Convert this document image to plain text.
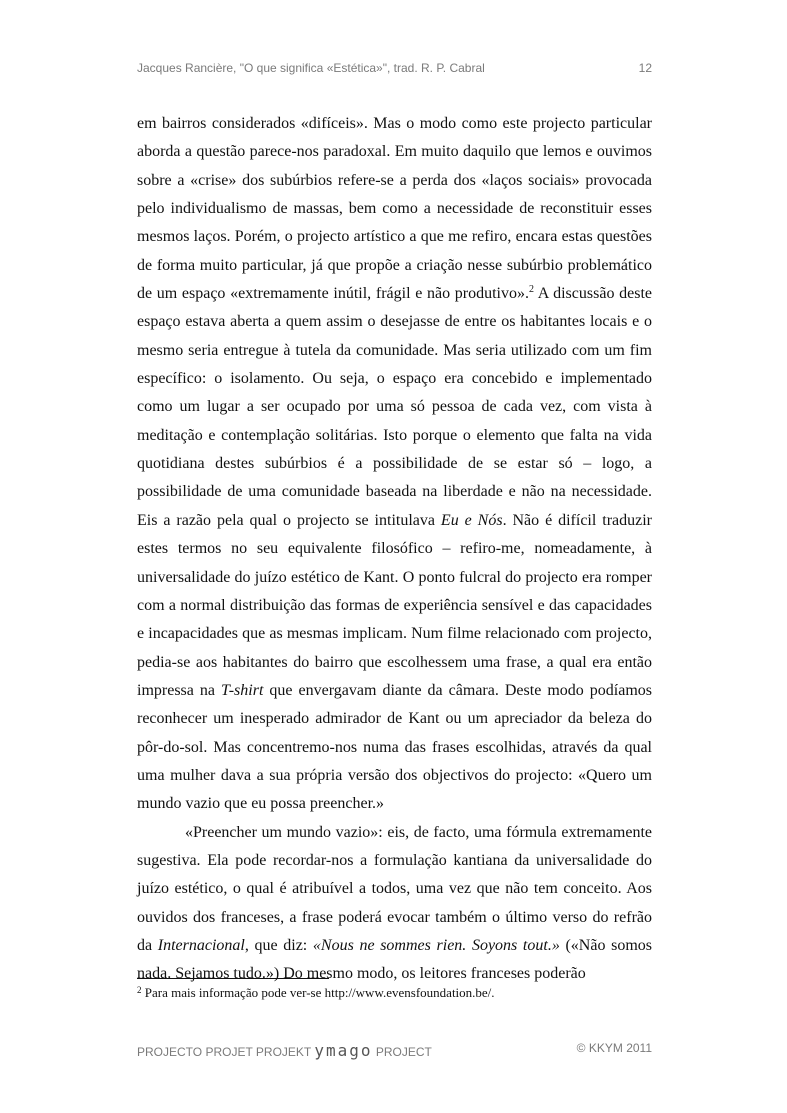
Jacques Rancière, "O que significa «Estética»", trad. R. P. Cabral	12
em bairros considerados «difíceis». Mas o modo como este projecto particular
aborda a questão parece-nos paradoxal. Em muito daquilo que lemos e ouvimos
sobre a «crise» dos subúrbios refere-se a perda dos «laços sociais» provocada
pelo individualismo de massas, bem como a necessidade de reconstituir esses
mesmos laços. Porém, o projecto artístico a que me refiro, encara estas questões
de forma muito particular, já que propõe a criação nesse subúrbio problemático
de um espaço «extremamente inútil, frágil e não produtivo».$^2$ A discussão deste
espaço estava aberta a quem assim o desejasse de entre os habitantes locais e o
mesmo seria entregue à tutela da comunidade. Mas seria utilizado com um fim
específico: o isolamento. Ou seja, o espaço era concebido e implementado
como um lugar a ser ocupado por uma só pessoa de cada vez, com vista à
meditação e contemplação solitárias. Isto porque o elemento que falta na vida
quotidiana destes subúrbios é a possibilidade de se estar só – logo, a
possibilidade de uma comunidade baseada na liberdade e não na necessidade.
Eis a razão pela qual o projecto se intitulava Eu e Nós. Não é difícil traduzir
estes termos no seu equivalente filosófico – refiro-me, nomeadamente, à
universalidade do juízo estético de Kant. O ponto fulcral do projecto era romper
com a normal distribuição das formas de experiência sensível e das capacidades
e incapacidades que as mesmas implicam. Num filme relacionado com projecto,
pedia-se aos habitantes do bairro que escolhessem uma frase, a qual era então
impressa na T-shirt que envergavam diante da câmara. Deste modo podíamos
reconhecer um inesperado admirador de Kant ou um apreciador da beleza do
pôr-do-sol. Mas concentremo-nos numa das frases escolhidas, através da qual
uma mulher dava a sua própria versão dos objectivos do projecto: «Quero um
mundo vazio que eu possa preencher.»
«Preencher um mundo vazio»: eis, de facto, uma fórmula extremamente
sugestiva. Ela pode recordar-nos a formulação kantiana da universalidade do
juízo estético, o qual é atribuível a todos, uma vez que não tem conceito. Aos
ouvidos dos franceses, a frase poderá evocar também o último verso do refrão
da Internacional, que diz: «Nous ne sommes rien. Soyons tout.» («Não somos
nada. Sejamos tudo.») Do mesmo modo, os leitores franceses poderão
$^2$ Para mais informação pode ver-se http://www.evensfoundation.be/.
PROJECTO PROJET PROJEKT ymago PROJECT	© KKYM 2011
